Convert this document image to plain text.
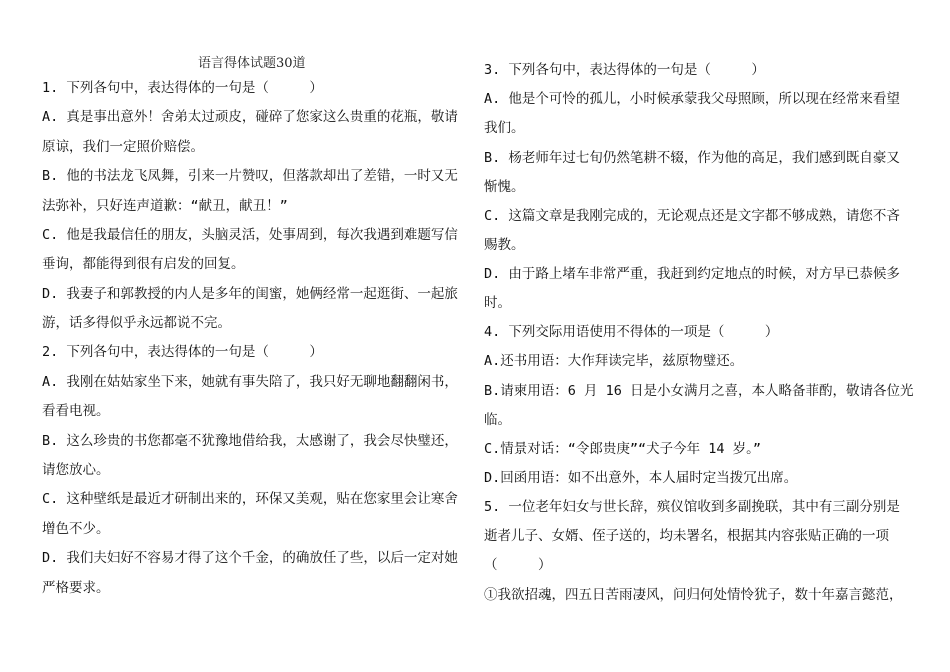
语言得体试题30道
1. 下列各句中，表达得体的一句是（　　　）
A. 真是事出意外！舍弟太过顽皮，碰碎了您家这么贵重的花瓶，敬请
原谅，我们一定照价赔偿。
B. 他的书法龙飞凤舞，引来一片赞叹，但落款却出了差错，一时又无
法弥补，只好连声道歉：“献丑，献丑！”
C. 他是我最信任的朋友，头脑灵活，处事周到，每次我遇到难题写信
垂询，都能得到很有启发的回复。
D. 我妻子和郭教授的内人是多年的闺蜜，她俩经常一起逛街、一起旅
游，话多得似乎永远都说不完。
2. 下列各句中，表达得体的一句是（　　　）
A. 我刚在姑姑家坐下来，她就有事失陪了，我只好无聊地翻翻闲书，
看看电视。
B. 这么珍贵的书您都毫不犹豫地借给我，太感谢了，我会尽快璧还，
请您放心。
C. 这种壁纸是最近才研制出来的，环保又美观，贴在您家里会让寒舍
增色不少。
D. 我们夫妇好不容易才得了这个千金，的确放任了些，以后一定对她
严格要求。
3. 下列各句中，表达得体的一句是（　　　）
A. 他是个可怜的孤儿，小时候承蒙我父母照顾，所以现在经常来看望
我们。
B. 杨老师年过七旬仍然笔耕不辍，作为他的高足，我们感到既自豪又
惭愧。
C. 这篇文章是我刚完成的，无论观点还是文字都不够成熟，请您不吝
赐教。
D. 由于路上堵车非常严重，我赶到约定地点的时候，对方早已恭候多
时。
4. 下列交际用语使用不得体的一项是（　　　）
A.还书用语：大作拜读完毕，兹原物璧还。
B.请柬用语：6 月 16 日是小女满月之喜，本人略备菲酌，敬请各位光
临。
C.情景对话：“令郎贵庚”“犬子今年 14 岁。”
D.回函用语：如不出意外，本人届时定当拨冗出席。
5. 一位老年妇女与世长辞，殡仪馆收到多副挽联，其中有三副分别是
逝者儿子、女婿、侄子送的，均未署名，根据其内容张贴正确的一项
（　　　）
①我欲招魂，四五日苦雨凄风，问归何处情怜犹子，数十年嘉言懿范，
